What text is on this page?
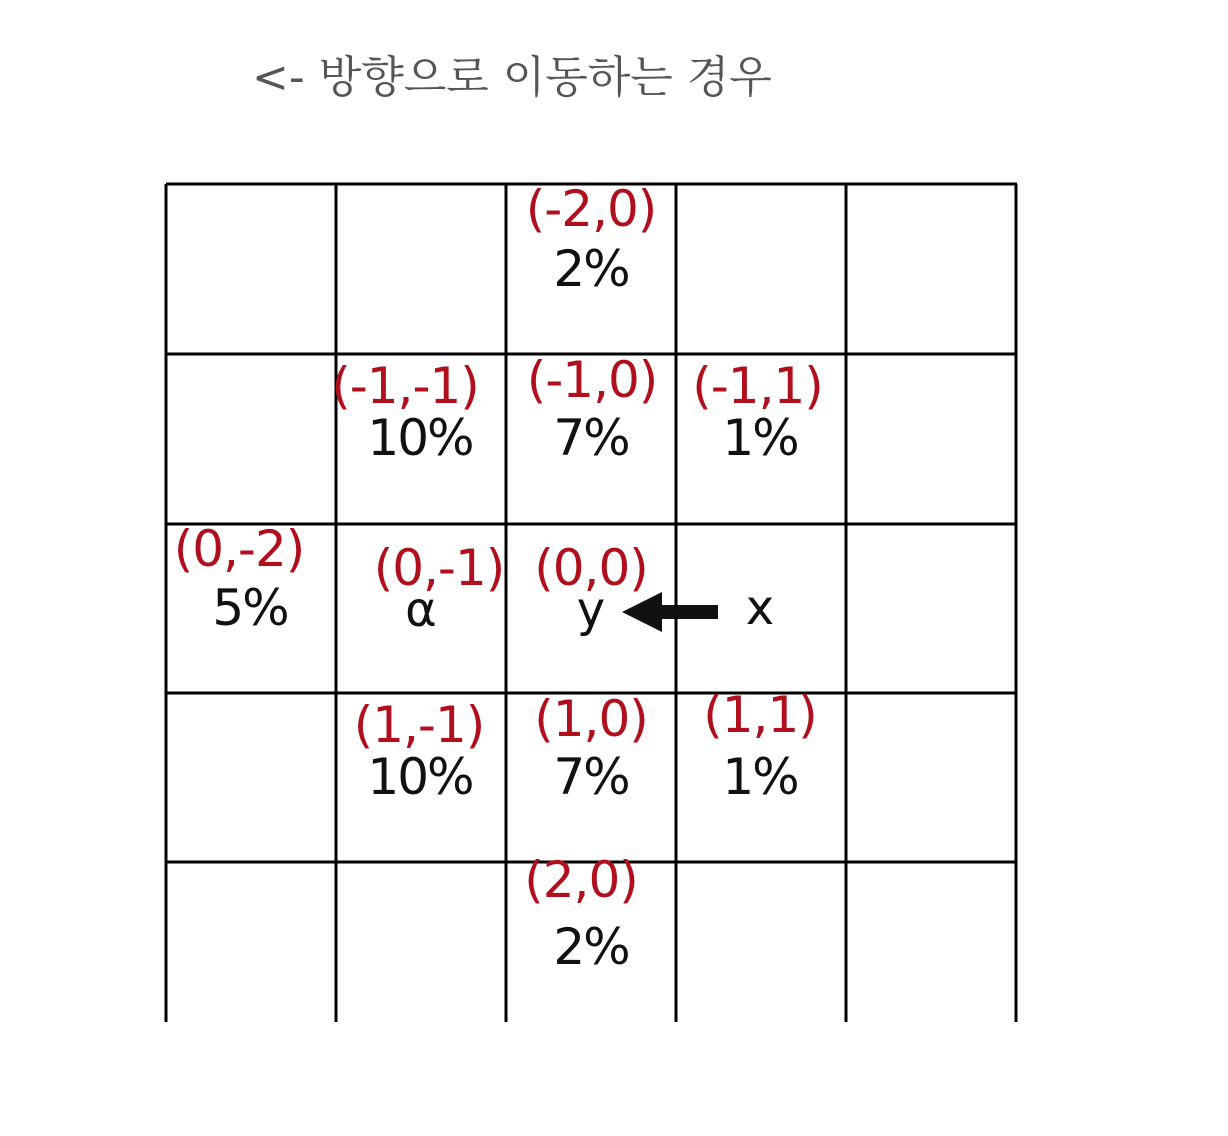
<- 방향으로 이동하는 경우
(-2,0)
2%
(-1,-1)
10%
(-1,0)
7%
(-1,1)
1%
(0,-2)
5%
(0,-1)
α
(0,0)
y	x
(1,-1)
10%
(1,0)
7%
(1,1)
1%
(2,0)
2%
